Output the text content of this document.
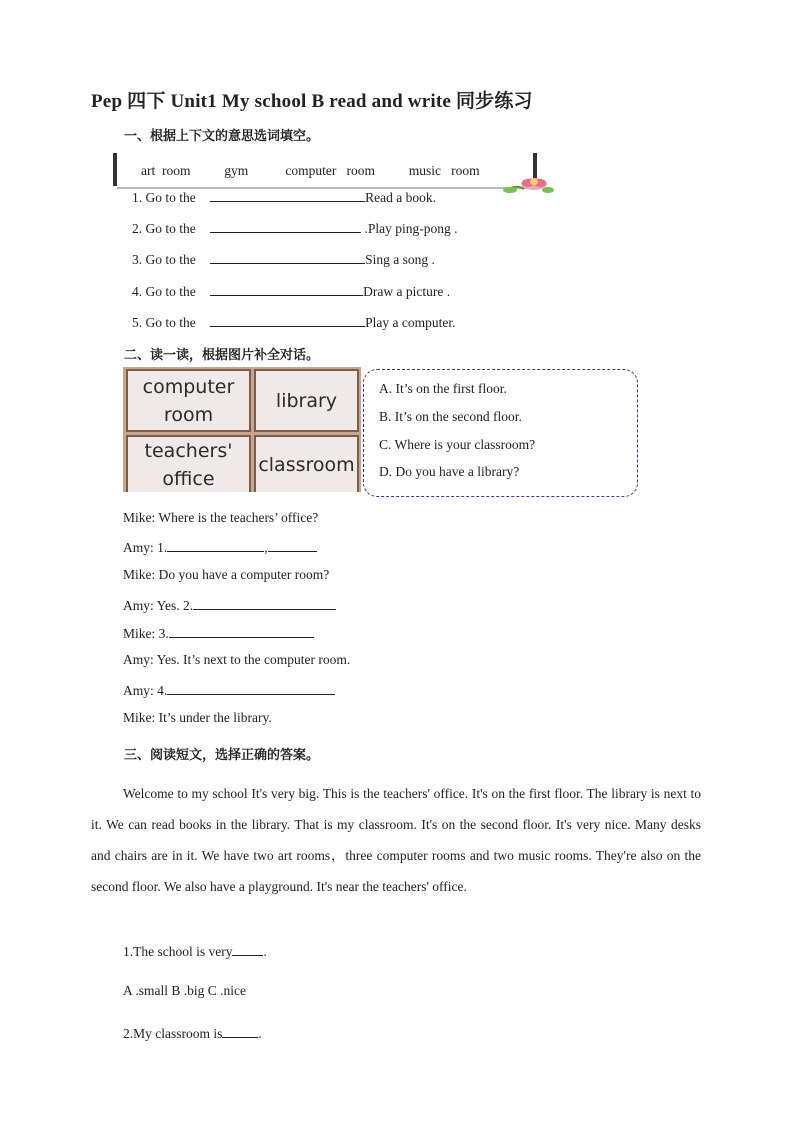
Pep 四下 Unit1 My school B read and write 同步练习
一、根据上下文的意思选词填空。
art  room          gym           computer   room          music   room
1. Go to the	Read a book.
2. Go to the	.Play ping-pong .
3. Go to the	Sing a song .
4. Go to the	Draw a picture .
5. Go to the	Play a computer.
二、读一读，根据图片补全对话。
computer room
library
teachers' office
classroom
A. It’s on the first floor.
B. It’s on the second floor.
C. Where is your classroom?
D. Do you have a library?
Mike: Where is the teachers’ office?
Amy: 1.	,
Mike: Do you have a computer room?
Amy: Yes. 2.
Mike: 3.
Amy: Yes. It’s next to the computer room.
Amy: 4.
Mike: It’s under the library.
三、阅读短文，选择正确的答案。
Welcome to my school It's very big. This is the teachers' office. It's on the first floor. The library is next to it. We can read books in the library. That is my classroom. It's on the second floor. It's very nice. Many desks and chairs are in it. We have two art rooms，three computer rooms and two music rooms. They're also on the second floor. We also have a playground. It's near the teachers' office.
1.The school is very .
A .small B .big C .nice
2.My classroom is	.
